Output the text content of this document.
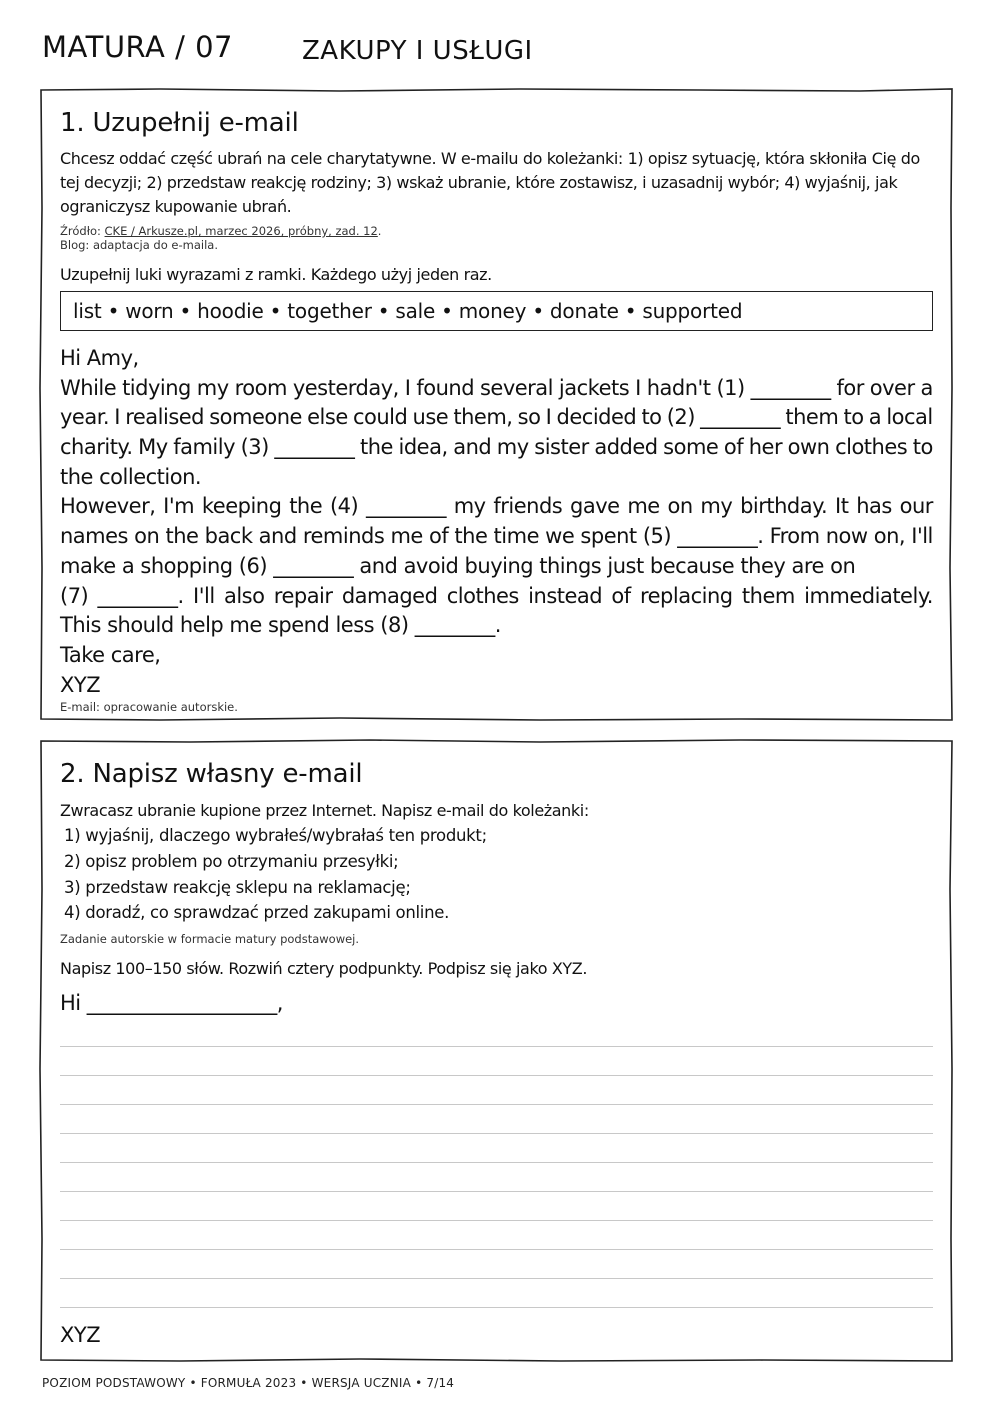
MATURA / 07	ZAKUPY I USŁUGI
1. Uzupełnij e-mail
Chcesz oddać część ubrań na cele charytatywne. W e-mailu do koleżanki: 1) opisz sytuację, która skłoniła Cię do
tej decyzji; 2) przedstaw reakcję rodziny; 3) wskaż ubranie, które zostawisz, i uzasadnij wybór; 4) wyjaśnij, jak
ograniczysz kupowanie ubrań.
Źródło: CKE / Arkusze.pl, marzec 2026, próbny, zad. 12.
Blog: adaptacja do e-maila.
Uzupełnij luki wyrazami z ramki. Każdego użyj jeden raz.
list • worn • hoodie • together • sale • money • donate • supported
Hi Amy,
While tidying my room yesterday, I found several jackets I hadn't (1) ________ for over a
year. I realised someone else could use them, so I decided to (2) ________ them to a local
charity. My family (3) ________ the idea, and my sister added some of her own clothes to
the collection.
However, I'm keeping the (4) ________ my friends gave me on my birthday. It has our
names on the back and reminds me of the time we spent (5) ________. From now on, I'll
make a shopping (6) ________ and avoid buying things just because they are on
(7) ________. I'll also repair damaged clothes instead of replacing them immediately.
This should help me spend less (8) ________.
Take care,
XYZ
E-mail: opracowanie autorskie.
2. Napisz własny e-mail
Zwracasz ubranie kupione przez Internet. Napisz e-mail do koleżanki:
1) wyjaśnij, dlaczego wybrałeś/wybrałaś ten produkt;
2) opisz problem po otrzymaniu przesyłki;
3) przedstaw reakcję sklepu na reklamację;
4) doradź, co sprawdzać przed zakupami online.
Zadanie autorskie w formacie matury podstawowej.
Napisz 100–150 słów. Rozwiń cztery podpunkty. Podpisz się jako XYZ.
Hi ___________________,
XYZ
POZIOM PODSTAWOWY • FORMUŁA 2023 • WERSJA UCZNIA • 7/14
